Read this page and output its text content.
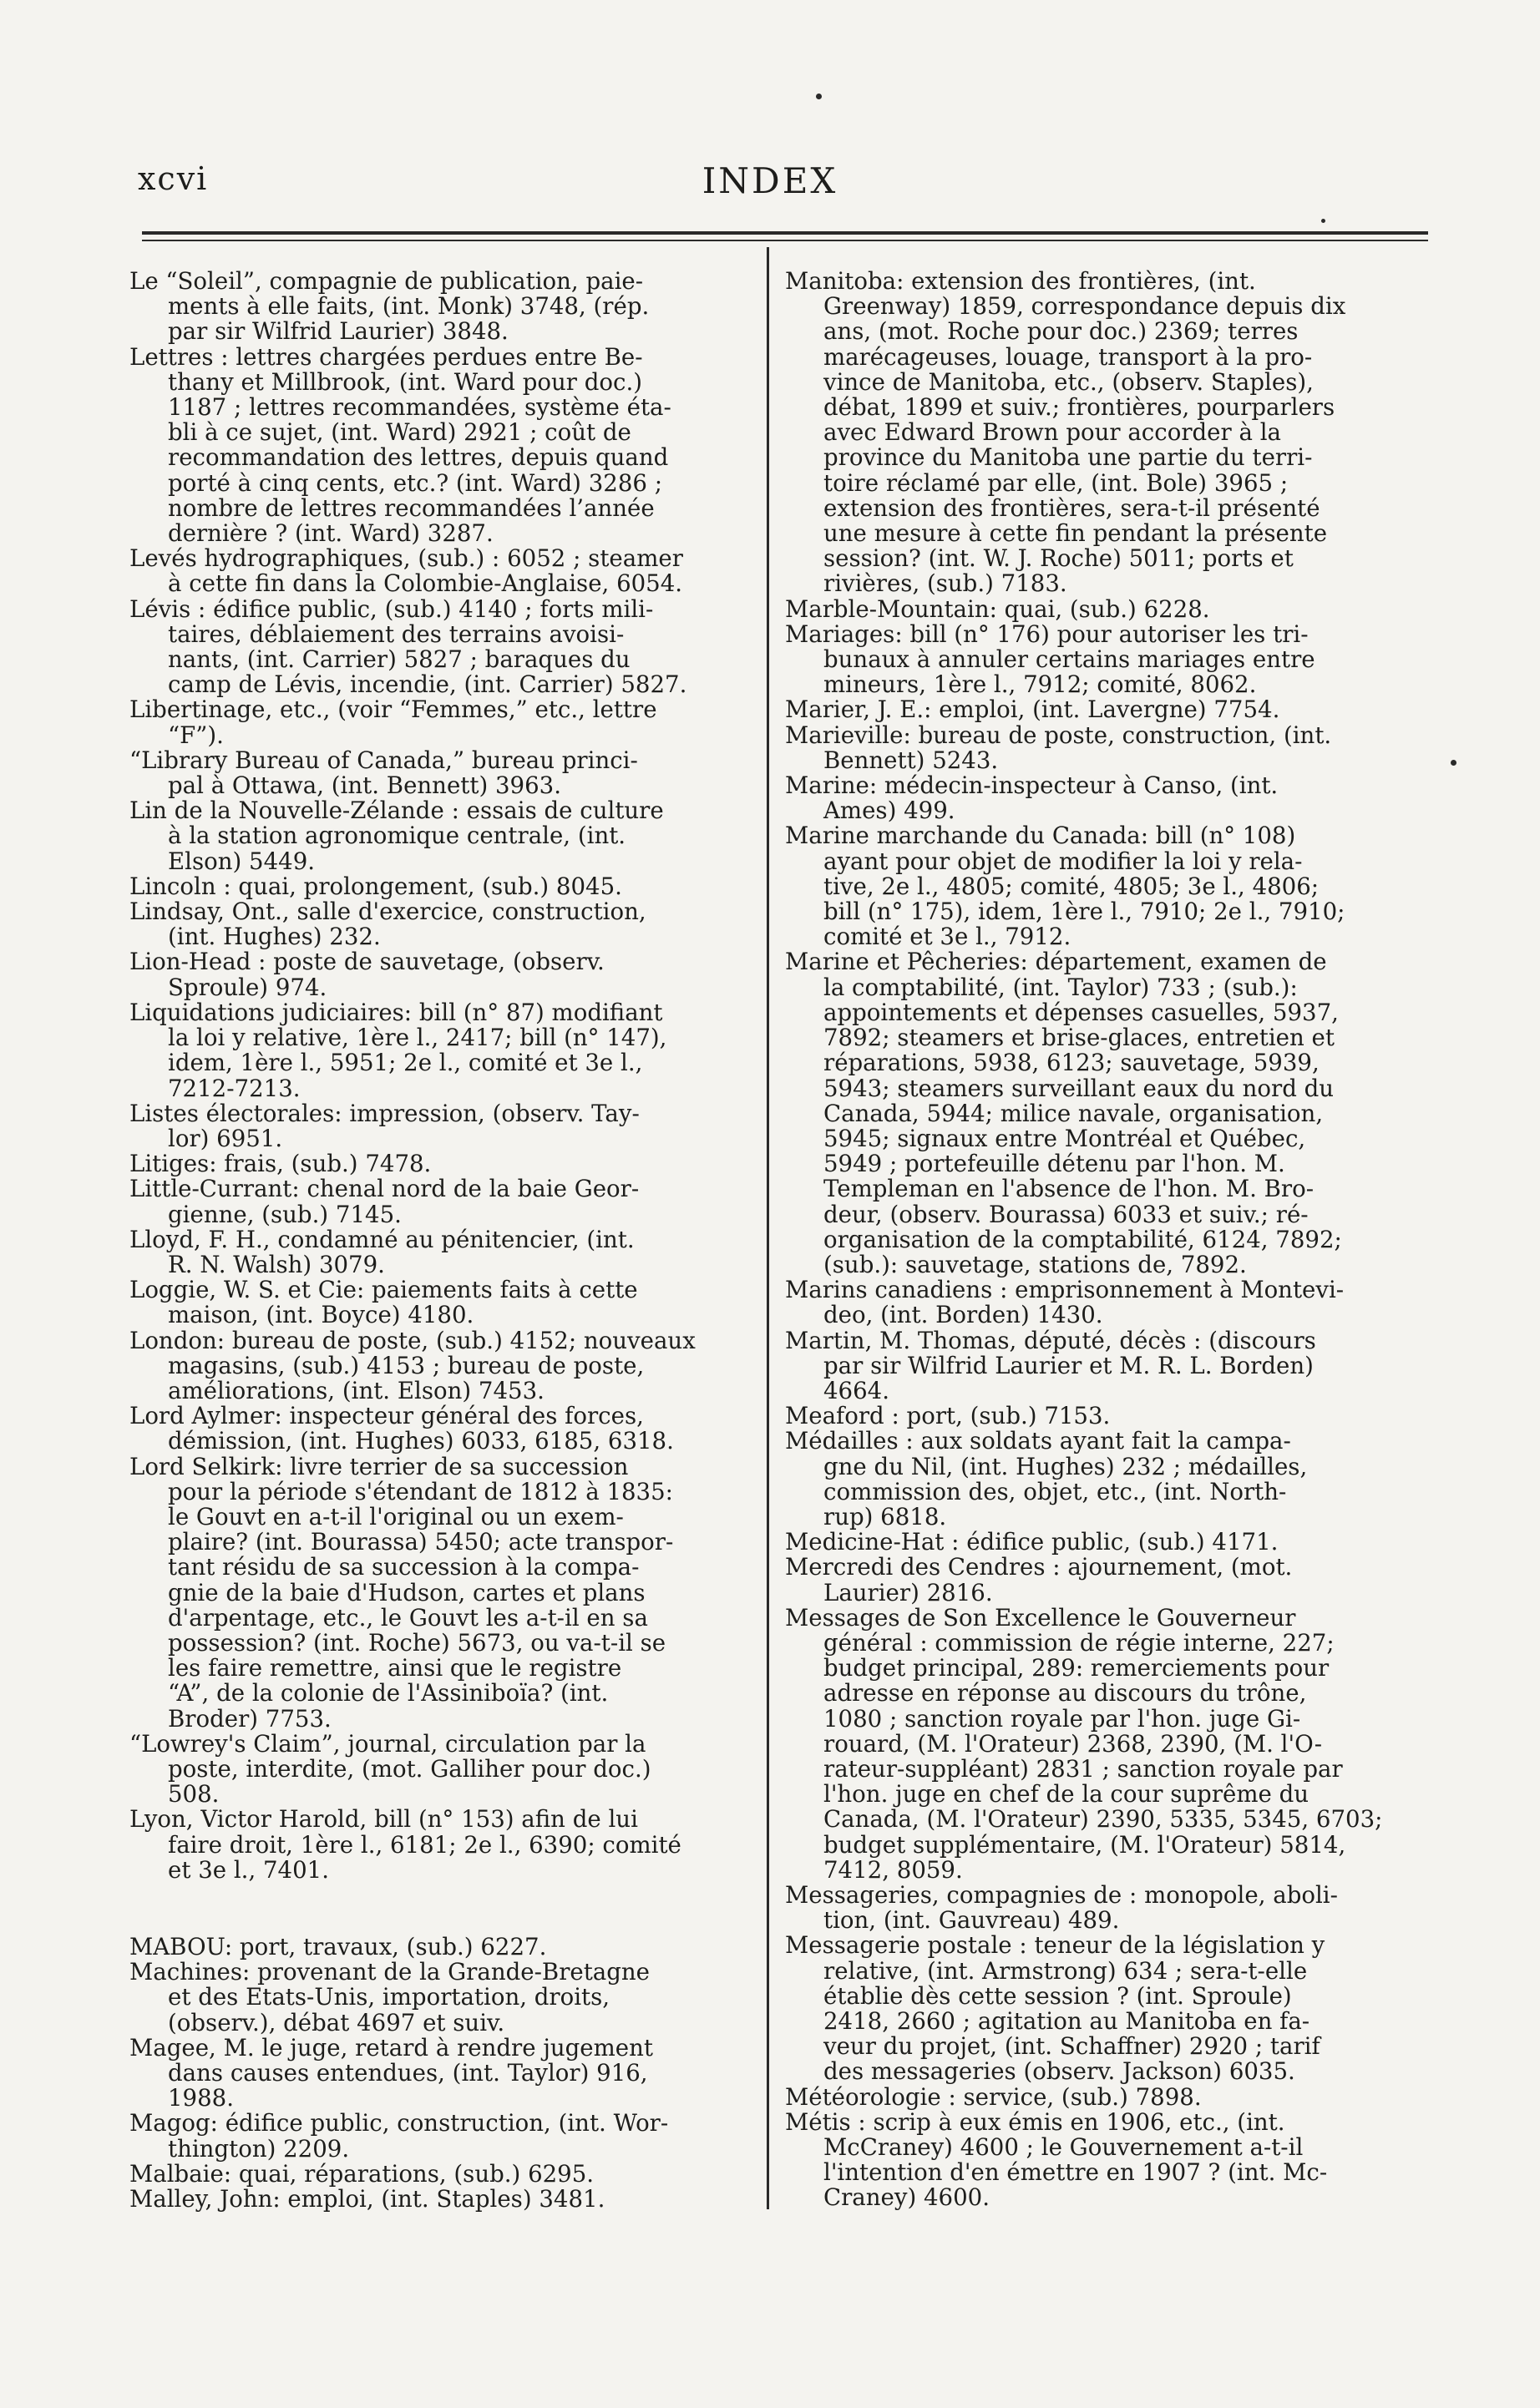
xcvi	INDEX

Le “Soleil”, compagnie de publication, paie-
ments à elle faits, (int. Monk) 3748, (rép.
par sir Wilfrid Laurier) 3848.

Lettres : lettres chargées perdues entre Be-
thany et Millbrook, (int. Ward pour doc.)
1187 ; lettres recommandées, système éta-
bli à ce sujet, (int. Ward) 2921 ; coût de
recommandation des lettres, depuis quand
porté à cinq cents, etc.? (int. Ward) 3286 ;
nombre de lettres recommandées l’année
dernière ? (int. Ward) 3287.

Levés hydrographiques, (sub.) : 6052 ; steamer
à cette fin dans la Colombie-Anglaise, 6054.

Lévis : édifice public, (sub.) 4140 ; forts mili-
taires, déblaiement des terrains avoisi-
nants, (int. Carrier) 5827 ; baraques du
camp de Lévis, incendie, (int. Carrier) 5827.

Libertinage, etc., (voir “Femmes,” etc., lettre
“F”).

“Library Bureau of Canada,” bureau princi-
pal à Ottawa, (int. Bennett) 3963.

Lin de la Nouvelle-Zélande : essais de culture
à la station agronomique centrale, (int.
Elson) 5449.

Lincoln : quai, prolongement, (sub.) 8045.

Lindsay, Ont., salle d'exercice, construction,
(int. Hughes) 232.

Lion-Head : poste de sauvetage, (observ.
Sproule) 974.

Liquidations judiciaires: bill (n° 87) modifiant
la loi y relative, 1ère l., 2417; bill (n° 147),
idem, 1ère l., 5951; 2e l., comité et 3e l.,
7212-7213.

Listes électorales: impression, (observ. Tay-
lor) 6951.

Litiges: frais, (sub.) 7478.

Little-Currant: chenal nord de la baie Geor-
gienne, (sub.) 7145.

Lloyd, F. H., condamné au pénitencier, (int.
R. N. Walsh) 3079.

Loggie, W. S. et Cie: paiements faits à cette
maison, (int. Boyce) 4180.

London: bureau de poste, (sub.) 4152; nouveaux
magasins, (sub.) 4153 ; bureau de poste,
améliorations, (int. Elson) 7453.

Lord Aylmer: inspecteur général des forces,
démission, (int. Hughes) 6033, 6185, 6318.

Lord Selkirk: livre terrier de sa succession
pour la période s'étendant de 1812 à 1835:
le Gouvt en a-t-il l'original ou un exem-
plaire? (int. Bourassa) 5450; acte transpor-
tant résidu de sa succession à la compa-
gnie de la baie d'Hudson, cartes et plans
d'arpentage, etc., le Gouvt les a-t-il en sa
possession? (int. Roche) 5673, ou va-t-il se
les faire remettre, ainsi que le registre
“A”, de la colonie de l'Assiniboïa? (int.
Broder) 7753.

“Lowrey's Claim”, journal, circulation par la
poste, interdite, (mot. Galliher pour doc.)
508.

Lyon, Victor Harold, bill (n° 153) afin de lui
faire droit, 1ère l., 6181; 2e l., 6390; comité
et 3e l., 7401.

MABOU: port, travaux, (sub.) 6227.

Machines: provenant de la Grande-Bretagne
et des Etats-Unis, importation, droits,
(observ.), débat 4697 et suiv.

Magee, M. le juge, retard à rendre jugement
dans causes entendues, (int. Taylor) 916,
1988.

Magog: édifice public, construction, (int. Wor-
thington) 2209.

Malbaie: quai, réparations, (sub.) 6295.

Malley, John: emploi, (int. Staples) 3481.

Manitoba: extension des frontières, (int.
Greenway) 1859, correspondance depuis dix
ans, (mot. Roche pour doc.) 2369; terres
marécageuses, louage, transport à la pro-
vince de Manitoba, etc., (observ. Staples),
débat, 1899 et suiv.; frontières, pourparlers
avec Edward Brown pour accorder à la
province du Manitoba une partie du terri-
toire réclamé par elle, (int. Bole) 3965 ;
extension des frontières, sera-t-il présenté
une mesure à cette fin pendant la présente
session? (int. W. J. Roche) 5011; ports et
rivières, (sub.) 7183.

Marble-Mountain: quai, (sub.) 6228.

Mariages: bill (n° 176) pour autoriser les tri-
bunaux à annuler certains mariages entre
mineurs, 1ère l., 7912; comité, 8062.

Marier, J. E.: emploi, (int. Lavergne) 7754.

Marieville: bureau de poste, construction, (int.
Bennett) 5243.

Marine: médecin-inspecteur à Canso, (int.
Ames) 499.

Marine marchande du Canada: bill (n° 108)
ayant pour objet de modifier la loi y rela-
tive, 2e l., 4805; comité, 4805; 3e l., 4806;
bill (n° 175), idem, 1ère l., 7910; 2e l., 7910;
comité et 3e l., 7912.

Marine et Pêcheries: département, examen de
la comptabilité, (int. Taylor) 733 ; (sub.):
appointements et dépenses casuelles, 5937,
7892; steamers et brise-glaces, entretien et
réparations, 5938, 6123; sauvetage, 5939,
5943; steamers surveillant eaux du nord du
Canada, 5944; milice navale, organisation,
5945; signaux entre Montréal et Québec,
5949 ; portefeuille détenu par l'hon. M.
Templeman en l'absence de l'hon. M. Bro-
deur, (observ. Bourassa) 6033 et suiv.; ré-
organisation de la comptabilité, 6124, 7892;
(sub.): sauvetage, stations de, 7892.

Marins canadiens : emprisonnement à Montevi-
deo, (int. Borden) 1430.

Martin, M. Thomas, député, décès : (discours
par sir Wilfrid Laurier et M. R. L. Borden)
4664.

Meaford : port, (sub.) 7153.

Médailles : aux soldats ayant fait la campa-
gne du Nil, (int. Hughes) 232 ; médailles,
commission des, objet, etc., (int. North-
rup) 6818.

Medicine-Hat : édifice public, (sub.) 4171.

Mercredi des Cendres : ajournement, (mot.
Laurier) 2816.

Messages de Son Excellence le Gouverneur
général : commission de régie interne, 227;
budget principal, 289: remerciements pour
adresse en réponse au discours du trône,
1080 ; sanction royale par l'hon. juge Gi-
rouard, (M. l'Orateur) 2368, 2390, (M. l'O-
rateur-suppléant) 2831 ; sanction royale par
l'hon. juge en chef de la cour suprême du
Canada, (M. l'Orateur) 2390, 5335, 5345, 6703;
budget supplémentaire, (M. l'Orateur) 5814,
7412, 8059.

Messageries, compagnies de : monopole, aboli-
tion, (int. Gauvreau) 489.

Messagerie postale : teneur de la législation y
relative, (int. Armstrong) 634 ; sera-t-elle
établie dès cette session ? (int. Sproule)
2418, 2660 ; agitation au Manitoba en fa-
veur du projet, (int. Schaffner) 2920 ; tarif
des messageries (observ. Jackson) 6035.

Météorologie : service, (sub.) 7898.

Métis : scrip à eux émis en 1906, etc., (int.
McCraney) 4600 ; le Gouvernement a-t-il
l'intention d'en émettre en 1907 ? (int. Mc-
Craney) 4600.
